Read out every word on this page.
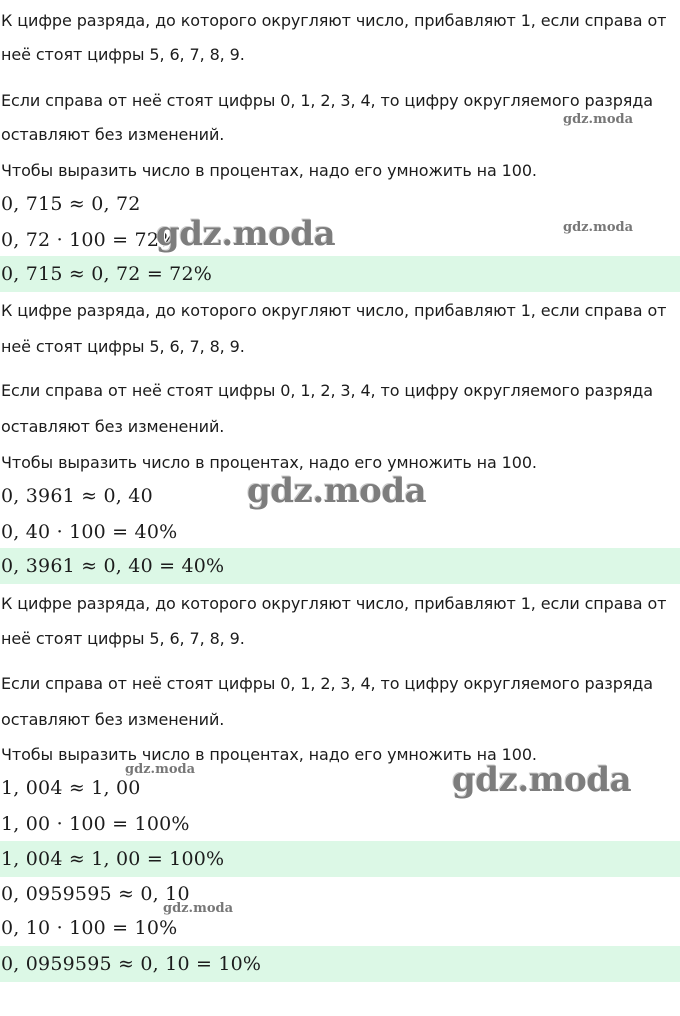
К цифре разряда, до которого округляют число, прибавляют 1, если справа от
неё стоят цифры 5, 6, 7, 8, 9.
Если справа от неё стоят цифры 0, 1, 2, 3, 4, то цифру округляемого разряда
оставляют без изменений.
Чтобы выразить число в процентах, надо его умножить на 100.
0, 715 ≈ 0, 72
0, 72 · 100 = 72%
0, 715 ≈ 0, 72 = 72%
К цифре разряда, до которого округляют число, прибавляют 1, если справа от
неё стоят цифры 5, 6, 7, 8, 9.
Если справа от неё стоят цифры 0, 1, 2, 3, 4, то цифру округляемого разряда
оставляют без изменений.
Чтобы выразить число в процентах, надо его умножить на 100.
0, 3961 ≈ 0, 40
0, 40 · 100 = 40%
0, 3961 ≈ 0, 40 = 40%
К цифре разряда, до которого округляют число, прибавляют 1, если справа от
неё стоят цифры 5, 6, 7, 8, 9.
Если справа от неё стоят цифры 0, 1, 2, 3, 4, то цифру округляемого разряда
оставляют без изменений.
Чтобы выразить число в процентах, надо его умножить на 100.
1, 004 ≈ 1, 00
1, 00 · 100 = 100%
1, 004 ≈ 1, 00 = 100%
0, 0959595 ≈ 0, 10
0, 10 · 100 = 10%
0, 0959595 ≈ 0, 10 = 10%
gdz.moda
gdz.moda	gdz.moda
gdz.moda
gdz.moda	gdz.moda
gdz.moda
